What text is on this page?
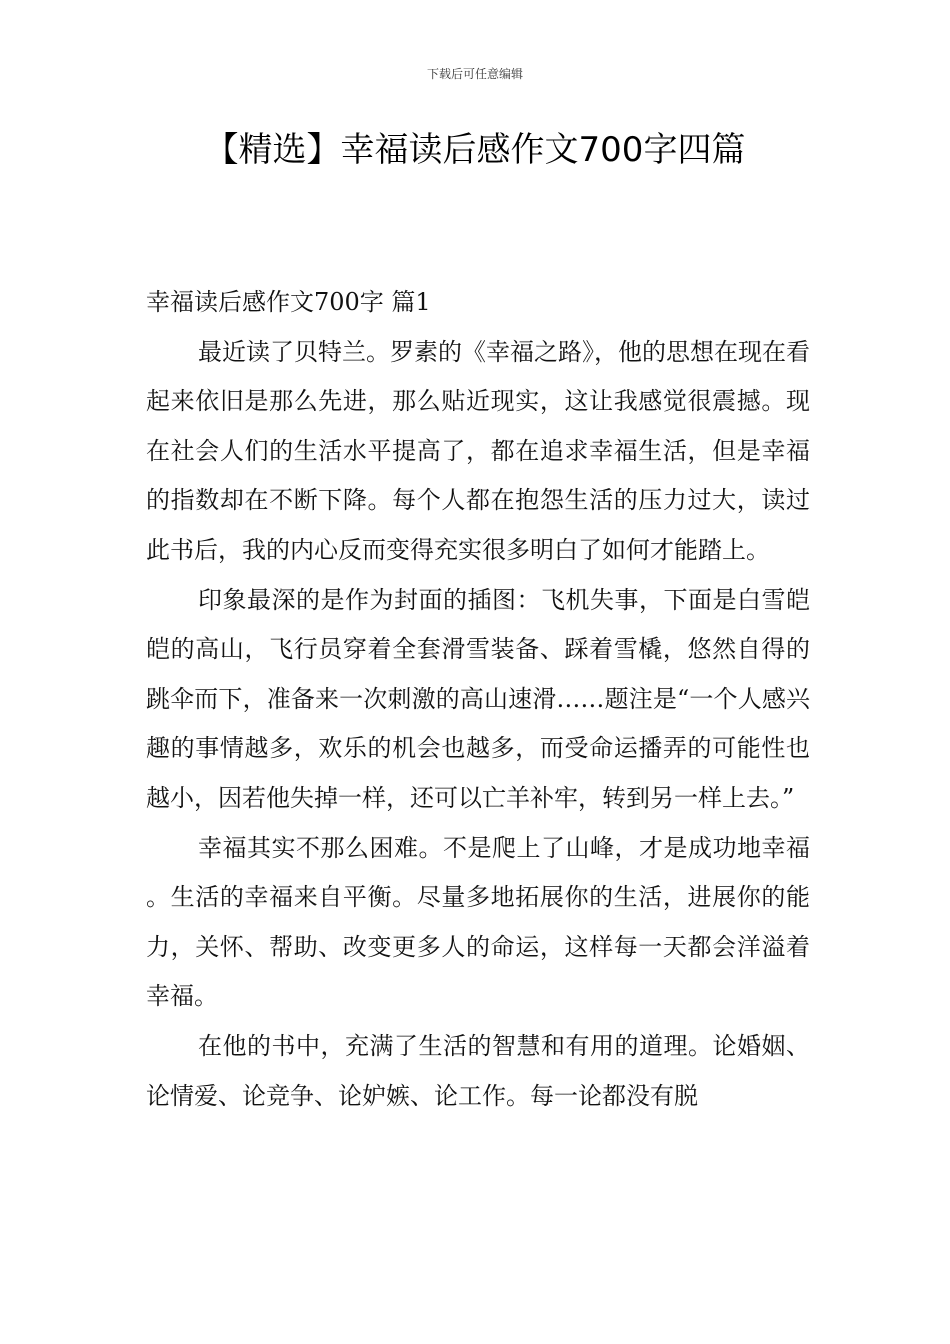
下载后可任意编辑
【精选】幸福读后感作文700字四篇

幸福读后感作文700字 篇1

最近读了贝特兰。罗素的《幸福之路》，他的思想在现在看起来依旧是那么先进，那么贴近现实，这让我感觉很震撼。现在社会人们的生活水平提高了，都在追求幸福生活，但是幸福的指数却在不断下降。每个人都在抱怨生活的压力过大，读过此书后，我的内心反而变得充实很多明白了如何才能踏上。

印象最深的是作为封面的插图：飞机失事，下面是白雪皑皑的高山，飞行员穿着全套滑雪装备、踩着雪橇，悠然自得的跳伞而下，准备来一次刺激的高山速滑……题注是“一个人感兴趣的事情越多，欢乐的机会也越多，而受命运播弄的可能性也越小，因若他失掉一样，还可以亡羊补牢，转到另一样上去。”

幸福其实不那么困难。不是爬上了山峰，才是成功地幸福。生活的幸福来自平衡。尽量多地拓展你的生活，进展你的能力，关怀、帮助、改变更多人的命运，这样每一天都会洋溢着幸福。

在他的书中，充满了生活的智慧和有用的道理。论婚姻、论情爱、论竞争、论妒嫉、论工作。每一论都没有脱
